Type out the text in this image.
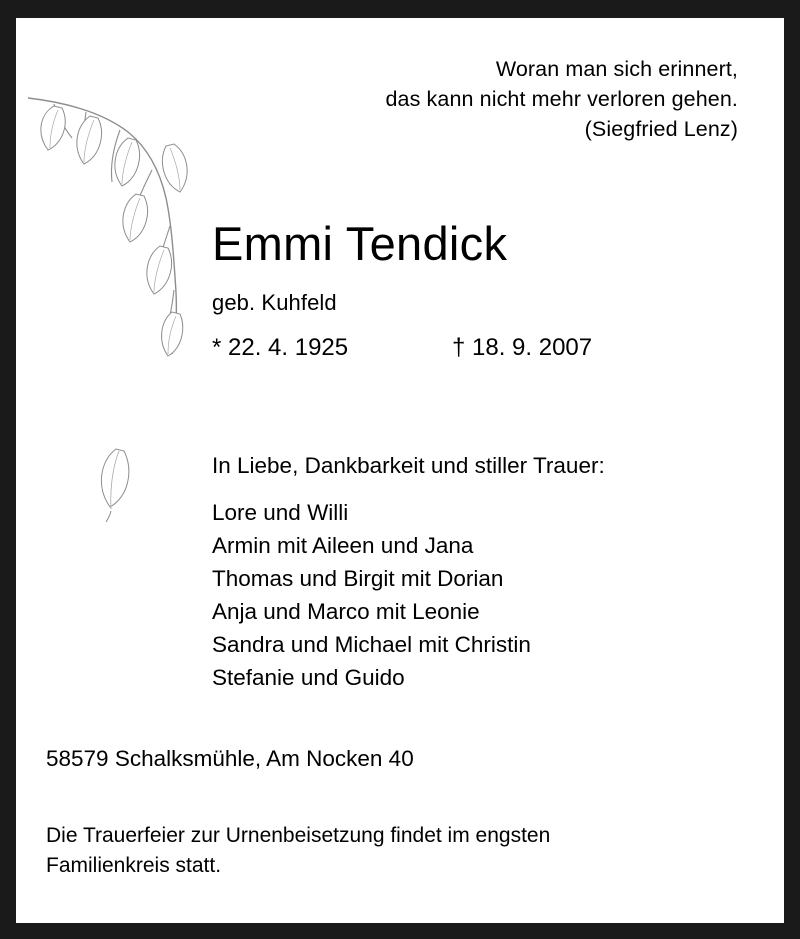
Woran man sich erinnert,
das kann nicht mehr verloren gehen.
(Siegfried Lenz)
Emmi Tendick
geb. Kuhfeld
* 22. 4. 1925	† 18. 9. 2007
In Liebe, Dankbarkeit und stiller Trauer:
Lore und Willi
Armin mit Aileen und Jana
Thomas und Birgit mit Dorian
Anja und Marco mit Leonie
Sandra und Michael mit Christin
Stefanie und Guido
58579 Schalksmühle, Am Nocken 40
Die Trauerfeier zur Urnenbeisetzung findet im engsten
Familienkreis statt.
